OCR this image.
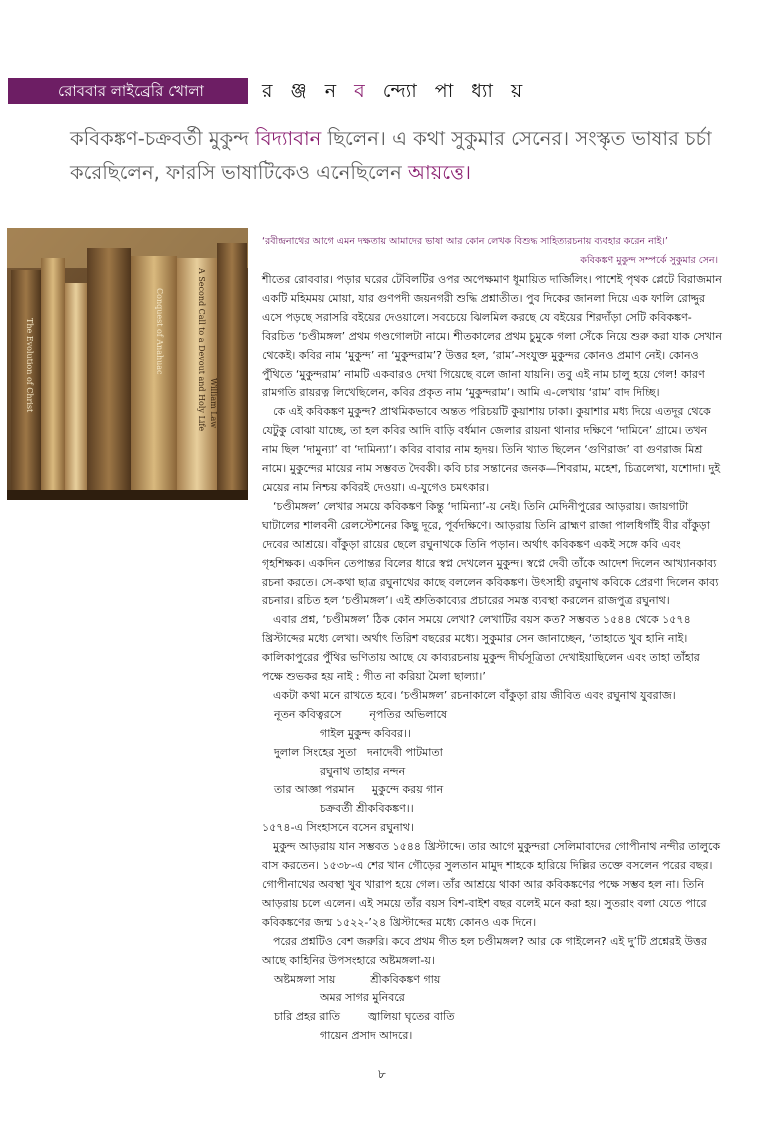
রোববার লাইব্রেরি খোলা	র ঞ্জ ন ব ন্দ্যো পা ধ্যা য়
কবিকঙ্কণ-চক্রবর্তী মুকুন্দ বিদ্যাবান ছিলেন। এ কথা সুকুমার সেনের। সংস্কৃত ভাষার চর্চা করেছিলেন, ফারসি ভাষাটিকেও এনেছিলেন আয়ত্তে।
The Evolution of Christ	Conquest of Anahuac	A Second Call to a Devout and Holy Life William Law
‘রবীন্দ্রনাথের আগে এমন দক্ষতায় আমাদের ভাষা আর কোন লেখক বিশুদ্ধ সাহিত্যরচনায় ব্যবহার করেন নাই।’
কবিকঙ্কণ মুকুন্দ সম্পর্কে সুকুমার সেন।

শীতের রোববার। পড়ার ঘরের টেবিলটির ওপর অপেক্ষমাণ ধূমায়িত দার্জিলিং। পাশেই পৃথক প্লেটে বিরাজমান একটি মহিমময় মোয়া, যার গুণপদী জয়নগরী শুদ্ধি প্রশ্নাতীত। পুব দিকের জানলা দিয়ে এক ফালি রোদ্দুর এসে পড়ছে সরাসরি বইয়ের দেওয়ালে। সবচেয়ে ঝিলমিল করছে যে বইয়ের শিরদাঁড়া সেটি কবিকঙ্কণ-বিরচিত ‘চণ্ডীমঙ্গল’ প্রথম গণ্ডগোলটা নামে। শীতকালের প্রথম চুমুকে গলা সেঁকে নিয়ে শুরু করা যাক সেখান থেকেই। কবির নাম ‘মুকুন্দ’ না ‘মুকুন্দরাম’? উত্তর হল, ‘রাম’-সংযুক্ত মুকুন্দর কোনও প্রমাণ নেই। কোনও পুঁথিতে ‘মুকুন্দরাম’ নামটি একবারও দেখা গিয়েছে বলে জানা যায়নি। তবু এই নাম চালু হয়ে গেল! কারণ রামগতি রায়রত্ন লিখেছিলেন, কবির প্রকৃত নাম ‘মুকুন্দরাম’। আমি এ-লেখায় ‘রাম’ বাদ দিচ্ছি।

কে এই কবিকঙ্কণ মুকুন্দ? প্রাথমিকভাবে অন্তত পরিচয়টি কুয়াশায় ঢাকা। কুয়াশার মধ্য দিয়ে এতদূর থেকে যেটুকু বোঝা যাচ্ছে, তা হল কবির আদি বাড়ি বর্ধমান জেলার রায়না থানার দক্ষিণে ‘দামিনে’ গ্রামে। তখন নাম ছিল ‘দামুন্যা’ বা ‘দামিন্যা’। কবির বাবার নাম হৃদয়। তিনি খ্যাত ছিলেন ‘গুণিরাজ’ বা গুণরাজ মিশ্র নামে। মুকুন্দের মায়ের নাম সম্ভবত দৈবকী। কবি চার সন্তানের জনক—শিবরাম, মহেশ, চিত্রলেখা, যশোদা। দুই মেয়ের নাম নিশ্চয় কবিরই দেওয়া। এ-যুগেও চমৎকার।

‘চণ্ডীমঙ্গল’ লেখার সময়ে কবিকঙ্কণ কিন্তু ‘দামিন্যা’-য় নেই। তিনি মেদিনীপুরের আড়রায়। জায়গাটা ঘাটালের শালবনী রেলস্টেশনের কিছু দূরে, পূর্বদক্ষিণে। আড়রায় তিনি ব্রাহ্মণ রাজা পালধিগাঁই বীর বাঁকুড়া দেবের আশ্রয়ে। বাঁকুড়া রায়ের ছেলে রঘুনাথকে তিনি পড়ান। অর্থাৎ কবিকঙ্কণ একই সঙ্গে কবি এবং গৃহশিক্ষক। একদিন তেপান্তর বিলের ধারে স্বপ্ন দেখলেন মুকুন্দ। স্বপ্নে দেবী তাঁকে আদেশ দিলেন আখ্যানকাব্য রচনা করতে। সে-কথা ছাত্র রঘুনাথের কাছে বললেন কবিকঙ্কণ। উৎসাহী রঘুনাথ কবিকে প্রেরণা দিলেন কাব্য রচনার। রচিত হল ‘চণ্ডীমঙ্গল’। এই শ্রুতিকাব্যের প্রচারের সমস্ত ব্যবস্থা করলেন রাজপুত্র রঘুনাথ।

এবার প্রশ্ন, ‘চণ্ডীমঙ্গল’ ঠিক কোন সময়ে লেখা? লেখাটির বয়স কত? সম্ভবত ১৫৪৪ থেকে ১৫৭৪ খ্রিস্টাব্দের মধ্যে লেখা। অর্থাৎ তিরিশ বছরের মধ্যে। সুকুমার সেন জানাচ্ছেন, ‘তাহাতে খুব হানি নাই। কালিকাপুরের পুঁথির ভণিতায় আছে যে কাব্যরচনায় মুকুন্দ দীর্ঘসূত্রিতা দেখাইয়াছিলেন এবং তাহা তাঁহার পক্ষে শুভকর হয় নাই : গীত না করিয়া মৈলা ছাল্যা।’

একটা কথা মনে রাখতে হবে। ‘চণ্ডীমঙ্গল’ রচনাকালে বাঁকুড়া রায় জীবিত এবং রঘুনাথ যুবরাজ।

নূতন কবিত্বরসে        নৃপতির অভিলাষে
গাইল মুকুন্দ কবিবর।।
দুলাল সিংহের সুতা   দনাদেবী পাটমাতা
রঘুনাথ তাহার নন্দন
তার আজ্ঞা পরমান     মুকুন্দে করয় গান
চক্রবর্তী শ্রীকবিকঙ্কণ।।
১৫৭৪-এ সিংহাসনে বসেন রঘুনাথ।

মুকুন্দ আড়রায় যান সম্ভবত ১৫৪৪ খ্রিস্টাব্দে। তার আগে মুকুন্দরা সেলিমাবাদের গোপীনাথ নন্দীর তালুকে বাস করতেন। ১৫৩৮-এ শের খান গৌড়ের সুলতান মামুদ শাহকে হারিয়ে দিল্লির তক্তে বসলেন পরের বছর। গোপীনাথের অবস্থা খুব খারাপ হয়ে গেল। তাঁর আশ্রয়ে থাকা আর কবিকঙ্কণের পক্ষে সম্ভব হল না। তিনি আড়রায় চলে এলেন। এই সময়ে তাঁর বয়স বিশ-বাইশ বছর বলেই মনে করা হয়। সুতরাং বলা যেতে পারে কবিকঙ্কণের জন্ম ১৫২২-’২৪ খ্রিস্টাব্দের মধ্যে কোনও এক দিনে।

পরের প্রশ্নটিও বেশ জরুরি। কবে প্রথম গীত হল চণ্ডীমঙ্গল? আর কে গাইলেন? এই দু’টি প্রশ্নেরই উত্তর আছে কাহিনির উপসংহারে অষ্টমঙ্গলা-য়।

অষ্টমঙ্গলা সায়          শ্রীকবিকঙ্কণ গায়
অমর সাগর মুনিবরে
চারি প্রহর রাতি        জ্বালিয়া ঘৃতের বাতি
গায়েন প্রসাদ আদরে।
৮
